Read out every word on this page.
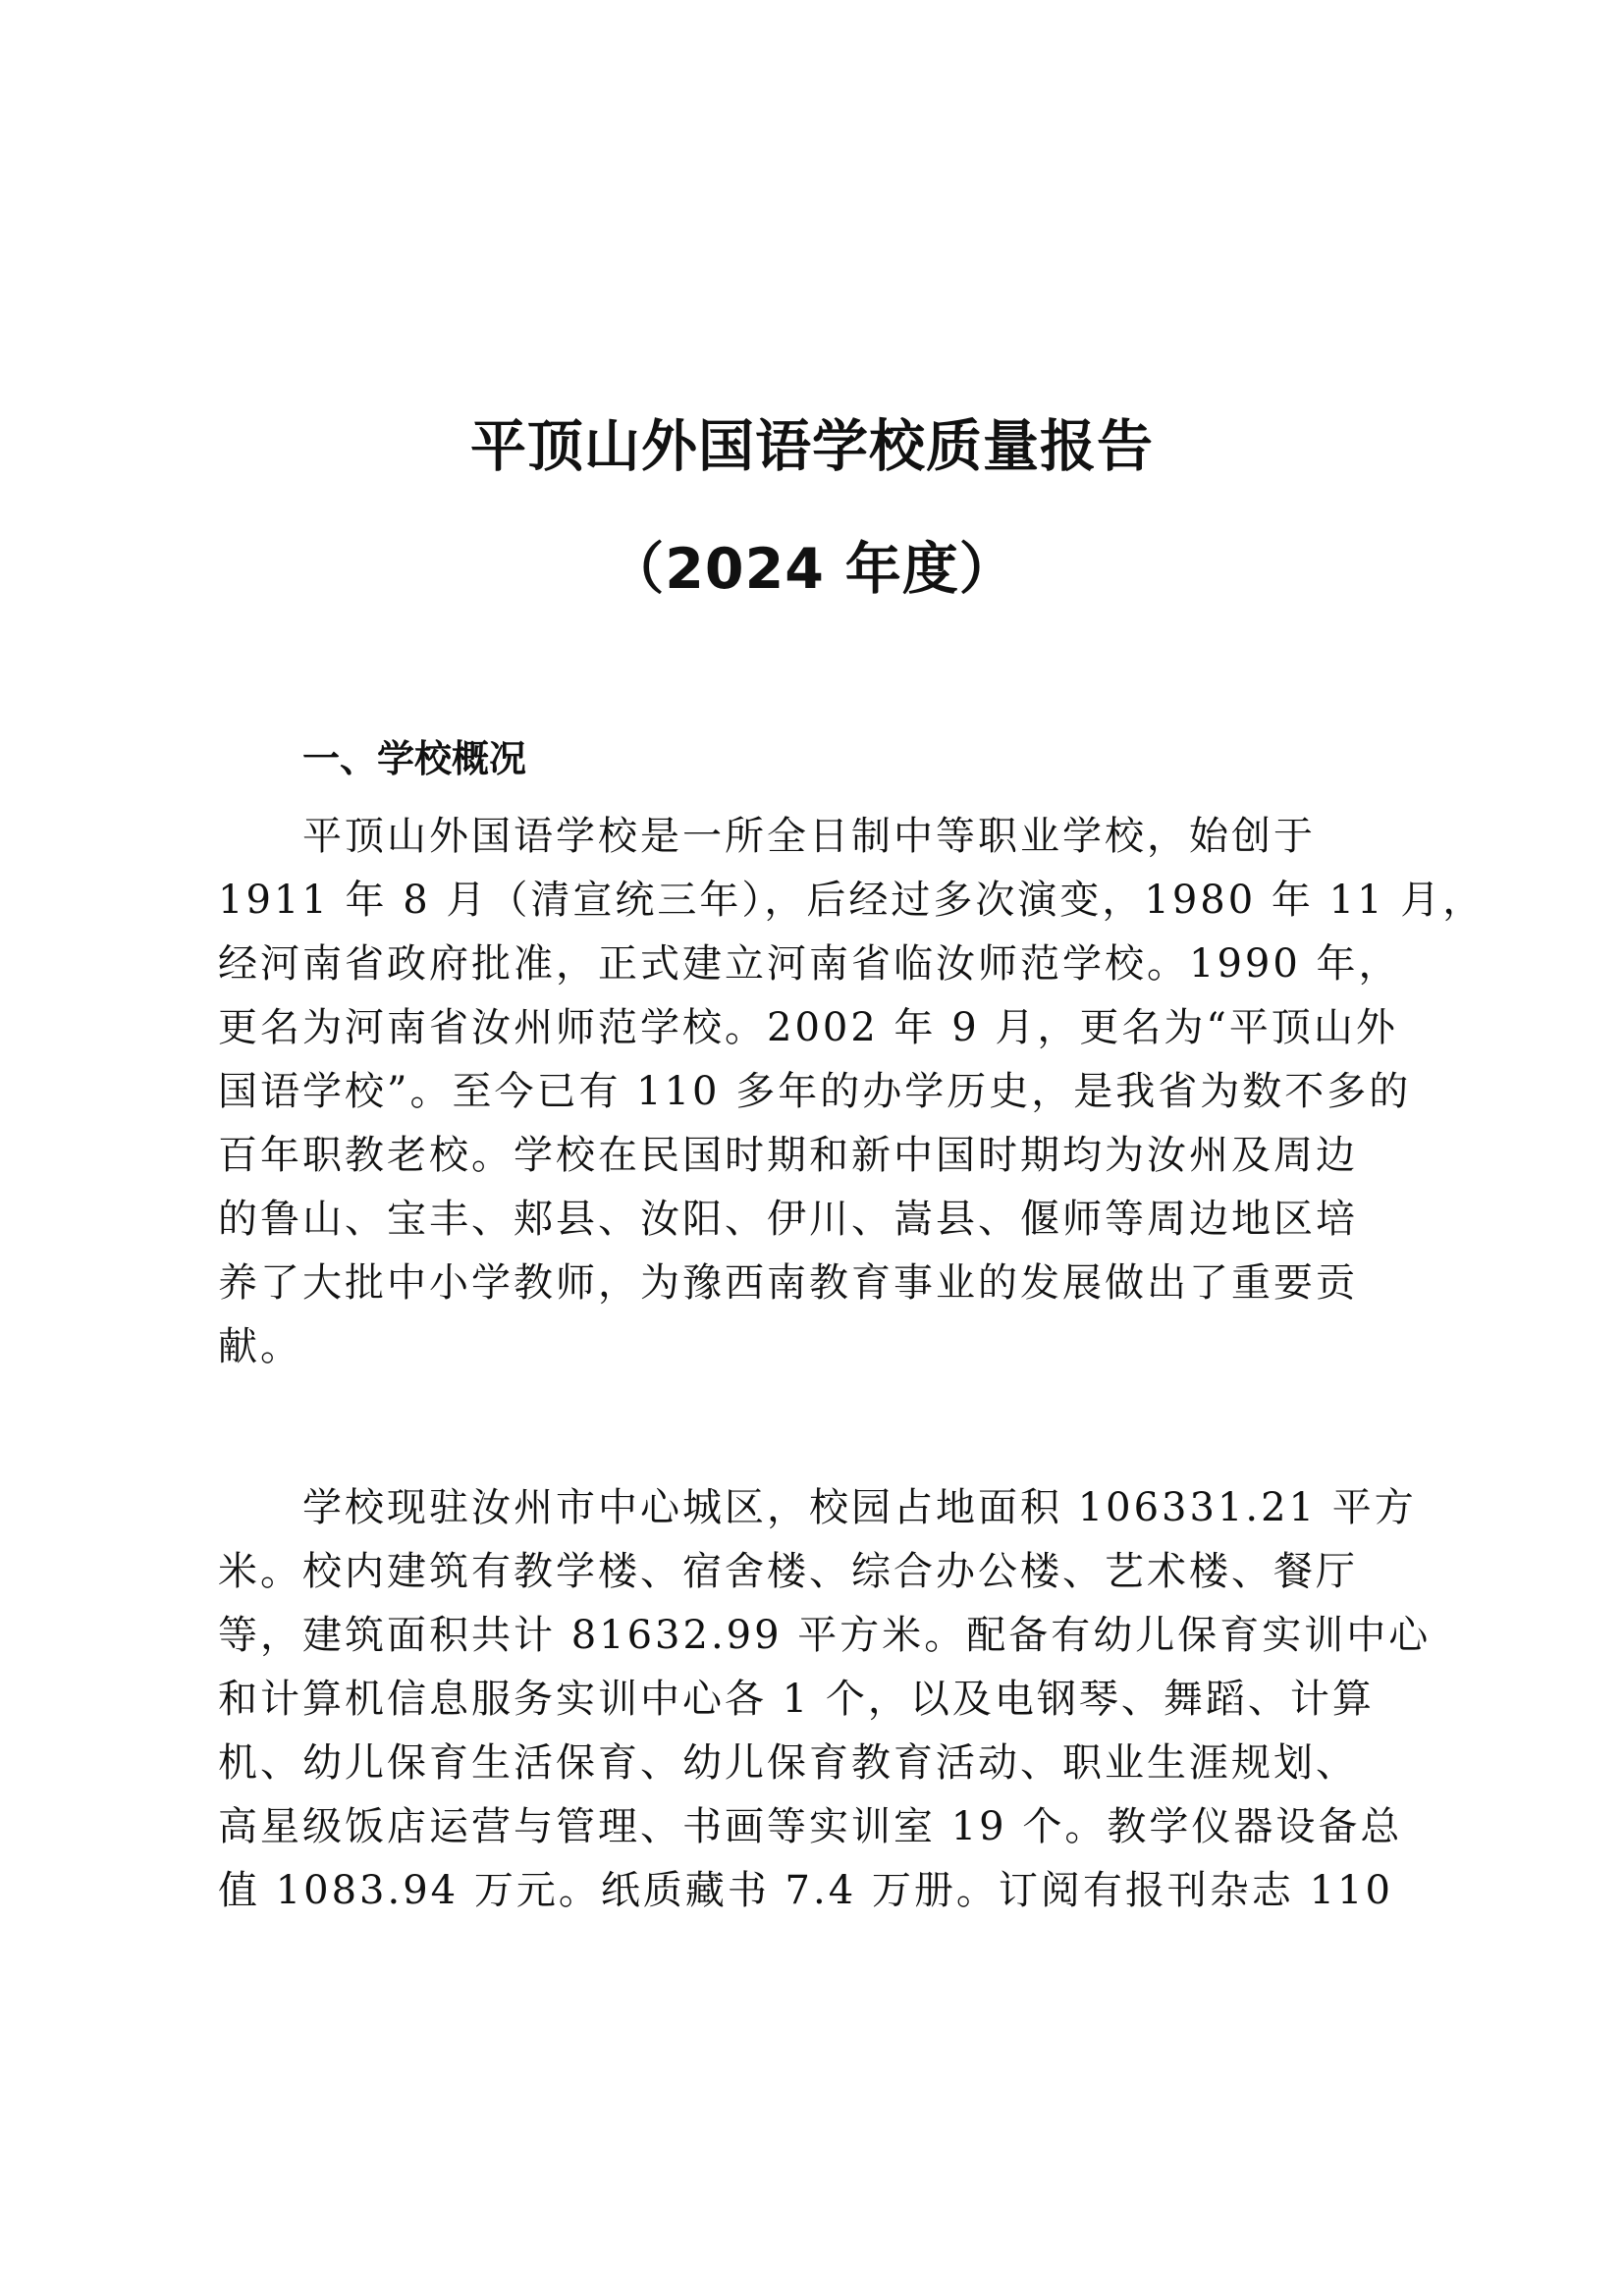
平顶山外国语学校质量报告
（2024 年度）
一、学校概况
平顶山外国语学校是一所全日制中等职业学校，始创于
1911 年 8 月（清宣统三年），后经过多次演变，1980 年 11 月，
经河南省政府批准，正式建立河南省临汝师范学校。1990 年，
更名为河南省汝州师范学校。2002 年 9 月，更名为“平顶山外
国语学校”。至今已有 110 多年的办学历史，是我省为数不多的
百年职教老校。学校在民国时期和新中国时期均为汝州及周边
的鲁山、宝丰、郏县、汝阳、伊川、嵩县、偃师等周边地区培
养了大批中小学教师，为豫西南教育事业的发展做出了重要贡
献。
学校现驻汝州市中心城区，校园占地面积 106331.21 平方
米。校内建筑有教学楼、宿舍楼、综合办公楼、艺术楼、餐厅
等，建筑面积共计 81632.99 平方米。配备有幼儿保育实训中心
和计算机信息服务实训中心各 1 个，以及电钢琴、舞蹈、计算
机、幼儿保育生活保育、幼儿保育教育活动、职业生涯规划、
高星级饭店运营与管理、书画等实训室 19 个。教学仪器设备总
值 1083.94 万元。纸质藏书 7.4 万册。订阅有报刊杂志 110
